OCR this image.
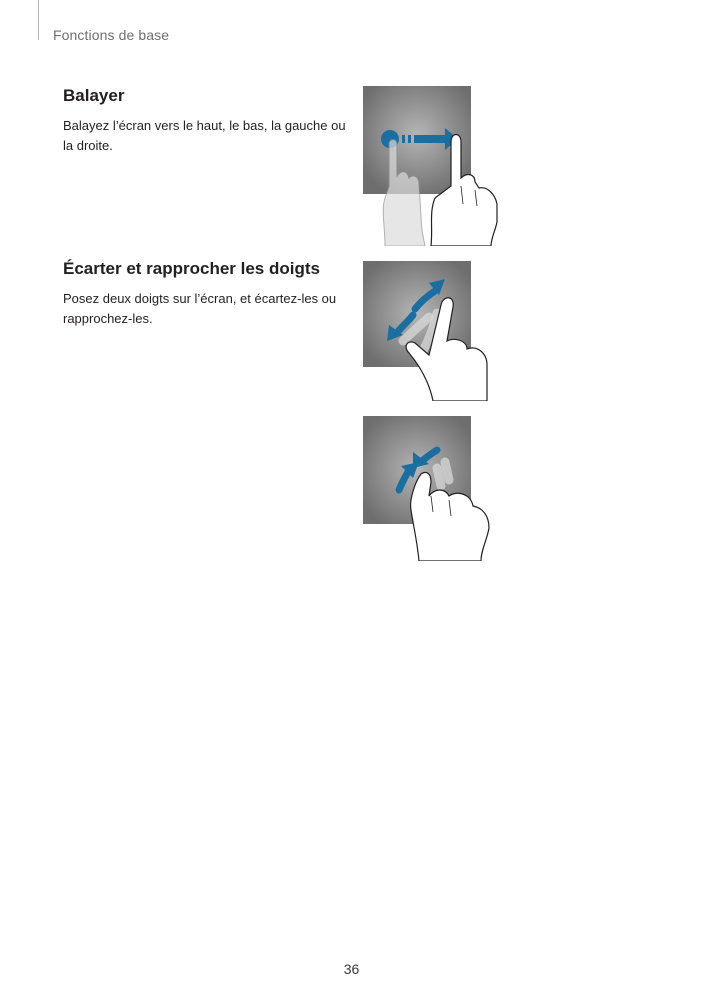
Fonctions de base
Balayer
Balayez l’écran vers le haut, le bas, la gauche ou la droite.
Écarter et rapprocher les doigts
Posez deux doigts sur l’écran, et écartez-les ou rapprochez-les.
36
